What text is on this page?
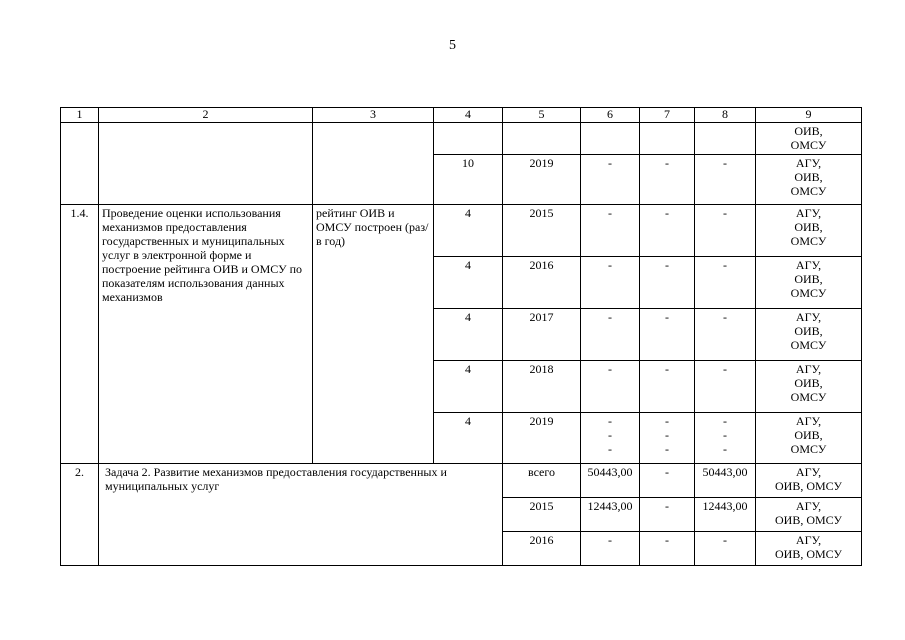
5
1	2	3	4	5	6	7	8	9

								ОИВ,
ОМСУ

			10	2019	-	-	-	АГУ,
ОИВ,
ОМСУ

1.4.	Проведение оценки использования механизмов предоставления государственных и муниципальных услуг в электронной форме и построение рейтинга ОИВ и ОМСУ по показателям использования данных механизмов	рейтинг ОИВ и ОМСУ построен (раз/в год)	4	2015	-	-	-	АГУ,
ОИВ,
ОМСУ

			4	2016	-	-	-	АГУ,
ОИВ,
ОМСУ

			4	2017	-	-	-	АГУ,
ОИВ,
ОМСУ

			4	2018	-	-	-	АГУ,
ОИВ,
ОМСУ

			4	2019	-
-
-	-
-
-	-
-
-	АГУ,
ОИВ,
ОМСУ

2.	Задача 2. Развитие механизмов предоставления государственных и муниципальных услуг			всего	50443,00	-	50443,00	АГУ,
ОИВ, ОМСУ

				2015	12443,00	-	12443,00	АГУ,
ОИВ, ОМСУ

				2016	-	-	-	АГУ,
ОИВ, ОМСУ
